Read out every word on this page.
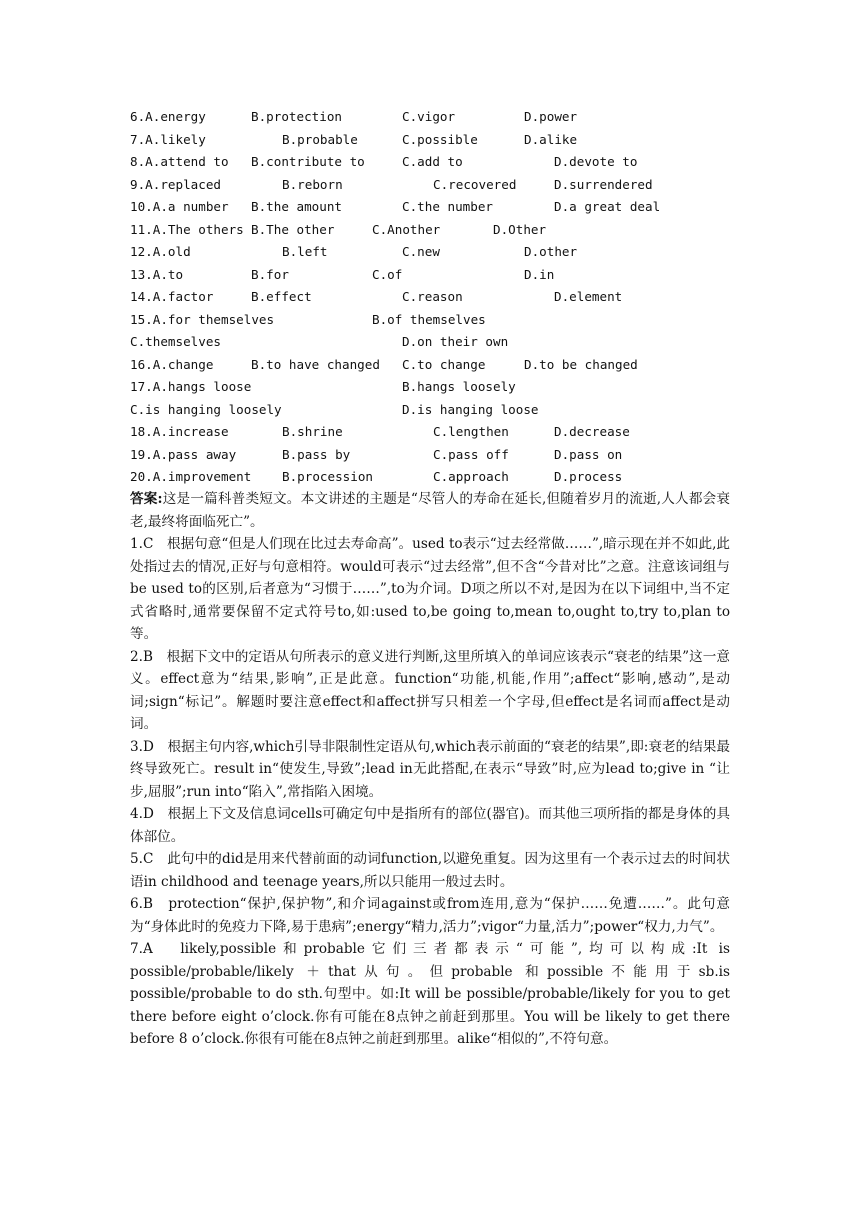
6.A.energy	B.protection	C.vigor	D.power
7.A.likely	B.probable	C.possible	D.alike
8.A.attend to B.contribute to	C.add to	D.devote to
9.A.replaced	B.reborn	C.recovered	D.surrendered
10.A.a number B.the amount	C.the number	D.a great deal
11.A.The others B.The other	C.Another	D.Other
12.A.old	B.left	C.new	D.other
13.A.to	B.for	C.of	D.in
14.A.factor	B.effect	C.reason	D.element
15.A.for themselves	B.of themselves
C.themselves	D.on their own
16.A.change	B.to have changed C.to change	D.to be changed
17.A.hangs loose	B.hangs loosely
C.is hanging loosely	D.is hanging loose
18.A.increase	B.shrine	C.lengthen	D.decrease
19.A.pass away	B.pass by	C.pass off	D.pass on
20.A.improvement B.procession	C.approach	D.process

答案:这是一篇科普类短文。本文讲述的主题是“尽管人的寿命在延长,但随着岁月的流逝,人人都会衰老,最终将面临死亡”。

1.C　根据句意“但是人们现在比过去寿命高”。used to表示“过去经常做……”,暗示现在并不如此,此处指过去的情况,正好与句意相符。would可表示“过去经常”,但不含“今昔对比”之意。注意该词组与be used to的区别,后者意为“习惯于……”,to为介词。D项之所以不对,是因为在以下词组中,当不定式省略时,通常要保留不定式符号to,如:used to,be going to,mean to,ought to,try to,plan to等。

2.B　根据下文中的定语从句所表示的意义进行判断,这里所填入的单词应该表示“衰老的结果”这一意义。effect意为“结果,影响”,正是此意。function“功能,机能,作用”;affect“影响,感动”,是动词;sign“标记”。解题时要注意effect和affect拼写只相差一个字母,但effect是名词而affect是动词。

3.D　根据主句内容,which引导非限制性定语从句,which表示前面的“衰老的结果”,即:衰老的结果最终导致死亡。result in“使发生,导致”;lead in无此搭配,在表示“导致”时,应为lead to;give in “让步,屈服”;run into“陷入”,常指陷入困境。

4.D　根据上下文及信息词cells可确定句中是指所有的部位(器官)。而其他三项所指的都是身体的具体部位。

5.C　此句中的did是用来代替前面的动词function,以避免重复。因为这里有一个表示过去的时间状语in childhood and teenage years,所以只能用一般过去时。

6.B　protection“保护,保护物”,和介词against或from连用,意为“保护……免遭……”。此句意为“身体此时的免疫力下降,易于患病”;energy“精力,活力”;vigor“力量,活力”;power“权力,力气”。

7.A　likely,possible和probable它们三者都表示“可能”,均可以构成:It is possible/probable/likely ＋that从句。但probable 和possible不能用于sb.is possible/probable to do sth.句型中。如:It will be possible/probable/likely for you to get there before eight o’clock.你有可能在8点钟之前赶到那里。You will be likely to get there before 8 o’clock.你很有可能在8点钟之前赶到那里。alike“相似的”,不符句意。
